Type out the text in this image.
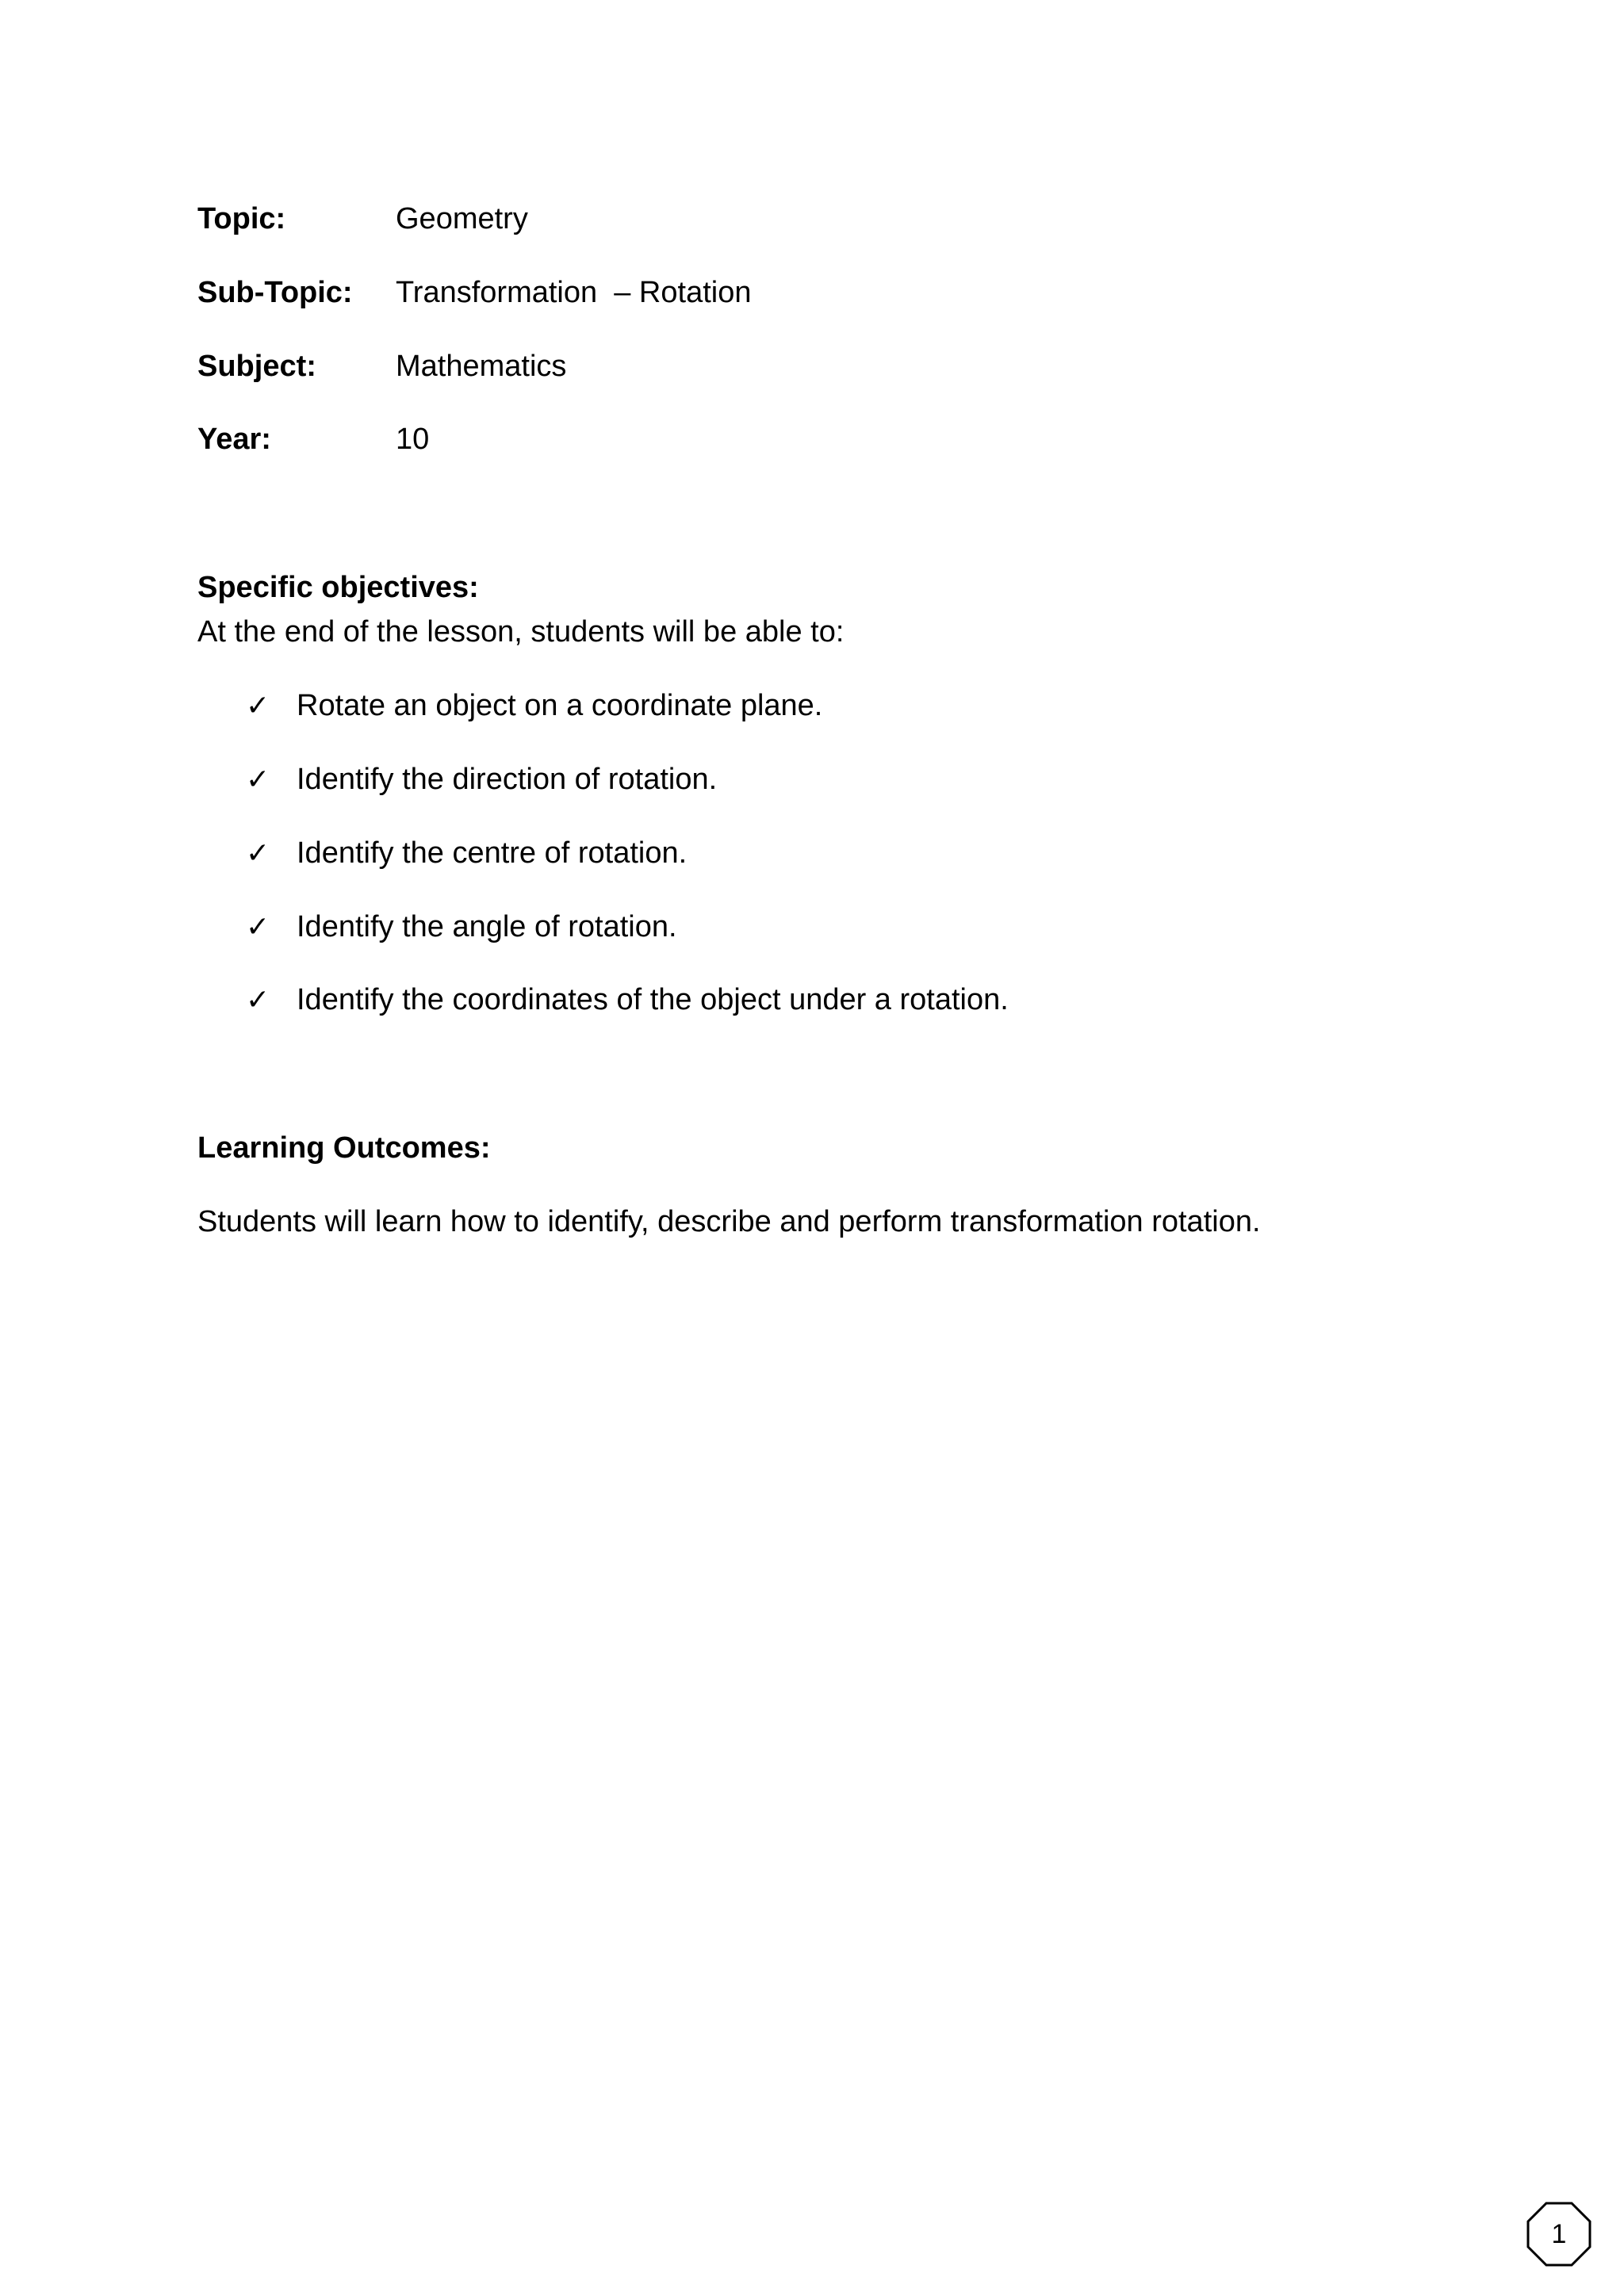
Topic:	Geometry
Sub-Topic:	Transformation  – Rotation
Subject:	Mathematics
Year:	10
Specific objectives:
At the end of the lesson, students will be able to:
✓ Rotate an object on a coordinate plane.
✓ Identify the direction of rotation.
✓ Identify the centre of rotation.
✓ Identify the angle of rotation.
✓ Identify the coordinates of the object under a rotation.
Learning Outcomes:
Students will learn how to identify, describe and perform transformation rotation.
1
